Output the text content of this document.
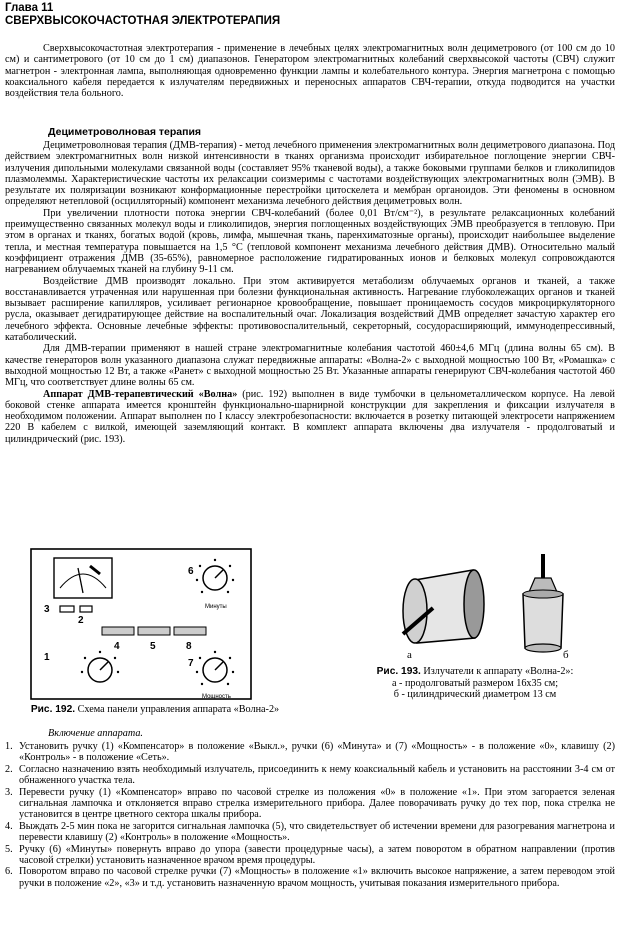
Глава 11
СВЕРХВЫСОКОЧАСТОТНАЯ ЭЛЕКТРОТЕРАПИЯ

Сверхвысокочастотная электротерапия - применение в лечебных целях электромагнитных волн дециметрового (от 100 см до 10 см) и сантиметрового (от 10 см до 1 см) диапазонов. Генератором электромагнитных колебаний сверхвысокой частоты (СВЧ) служит магнетрон - электронная лампа, выполняющая одновременно функции лампы и колебательного контура. Энергия магнетрона с помощью коаксиального кабеля передается к излучателям передвижных и переносных аппаратов СВЧ-терапии, откуда подводится на участки воздействия тела больного.

Дециметроволновая терапия

Дециметроволновая терапия (ДМВ-терапия) - метод лечебного применения электромагнитных волн дециметрового диапазона. Под действием электромагнитных волн низкой интенсивности в тканях организма происходит избирательное поглощение энергии СВЧ-излучения дипольными молекулами связанной воды (составляет 95% тканевой воды), а также боковыми группами белков и гликолипидов плазмолеммы. Характеристические частоты их релаксации соизмеримы с частотами воздействующих электромагнитных волн (ЭМВ). В результате их поляризации возникают конформационные перестройки цитоскелета и мембран органоидов. Эти феномены в основном определяют нетепловой (осцилляторный) компонент механизма лечебного действия дециметровых волн.

При увеличении плотности потока энергии СВЧ-колебаний (более 0,01 Вт/см⁻²), в результате релаксационных колебаний преимущественно связанных молекул воды и гликолипидов, энергия поглощенных воздействующих ЭМВ преобразуется в тепловую. При этом в органах и тканях, богатых водой (кровь, лимфа, мышечная ткань, паренхиматозные органы), происходит наибольшее выделение тепла, и местная температура повышается на 1,5 °С (тепловой компонент механизма лечебного действия ДМВ). Относительно малый коэффициент отражения ДМВ (35-65%), равномерное расположение гидратированных ионов и белковых молекул сопровождаются нагреванием облучаемых тканей на глубину 9-11 см.

Воздействие ДМВ производят локально. При этом активируется метаболизм облучаемых органов и тканей, а также восстанавливается утраченная или нарушенная при болезни функциональная активность. Нагревание глубоколежащих органов и тканей вызывает расширение капилляров, усиливает регионарное кровообращение, повышает проницаемость сосудов микроциркуляторного русла, оказывает дегидратирующее действие на воспалительный очаг. Локализация воздействий ДМВ определяет зачастую характер его лечебного эффекта. Основные лечебные эффекты: противовоспалительный, секреторный, сосудорасширяющий, иммунодепрессивный, катаболический.

Для ДМВ-терапии применяют в нашей стране электромагнитные колебания частотой 460±4,6 МГц (длина волны 65 см). В качестве генераторов волн указанного диапазона служат передвижные аппараты: «Волна-2» с выходной мощностью 100 Вт, «Ромашка» с выходной мощностью 12 Вт, а также «Ранет» с выходной мощностью 25 Вт. Указанные аппараты генерируют СВЧ-колебания частотой 460 МГц, что соответствует длине волны 65 см.

Аппарат ДМВ-терапевтический «Волна» (рис. 192) выполнен в виде тумбочки в цельнометаллическом корпусе. На левой боковой стенке аппарата имеется кронштейн функционально-шарнирной конструкции для закрепления и фиксации излучателя в необходимом положении. Аппарат выполнен по I классу электробезопасности: включается в розетку питающей электросети напряжением 220 В кабелем с вилкой, имеющей заземляющий контакт. В комплект аппарата включены два излучателя - продолговатый и цилиндрический (рис. 193).

1
2
3
4	5	8
6
7
Минуты
Мощность
Рис. 192. Схема панели управления аппарата «Волна-2»
а	б
Рис. 193. Излучатели к аппарату «Волна-2»:
а - продолговатый размером 16x35 см;
б - цилиндрический диаметром 13 см
Включение аппарата.
1. Установить ручку (1) «Компенсатор» в положение «Выкл.», ручки (6) «Минута» и (7) «Мощность» - в положение «0», клавишу (2) «Контроль» - в положение «Сеть».
2. Согласно назначению взять необходимый излучатель, присоединить к нему коаксиальный кабель и установить на расстоянии 3-4 см от обнаженного участка тела.
3. Перевести ручку (1) «Компенсатор» вправо по часовой стрелке из положения «0» в положение «1». При этом загорается зеленая сигнальная лампочка и отклоняется вправо стрелка измерительного прибора. Далее поворачивать ручку до тех пор, пока стрелка не установится в центре цветного сектора шкалы прибора.
4. Выждать 2-5 мин пока не загорится сигнальная лампочка (5), что свидетельствует об истечении времени для разогревания магнетрона и перевести клавишу (2) «Контроль» в положение «Мощность».
5. Ручку (6) «Минуты» повернуть вправо до упора (завести процедурные часы), а затем поворотом в обратном направлении (против часовой стрелки) установить назначенное врачом время процедуры.
6. Поворотом вправо по часовой стрелке ручки (7) «Мощность» в положение «1» включить высокое напряжение, а затем переводом этой ручки в положение «2», «3» и т.д. установить назначенную врачом мощность, учитывая показания измерительного прибора.
